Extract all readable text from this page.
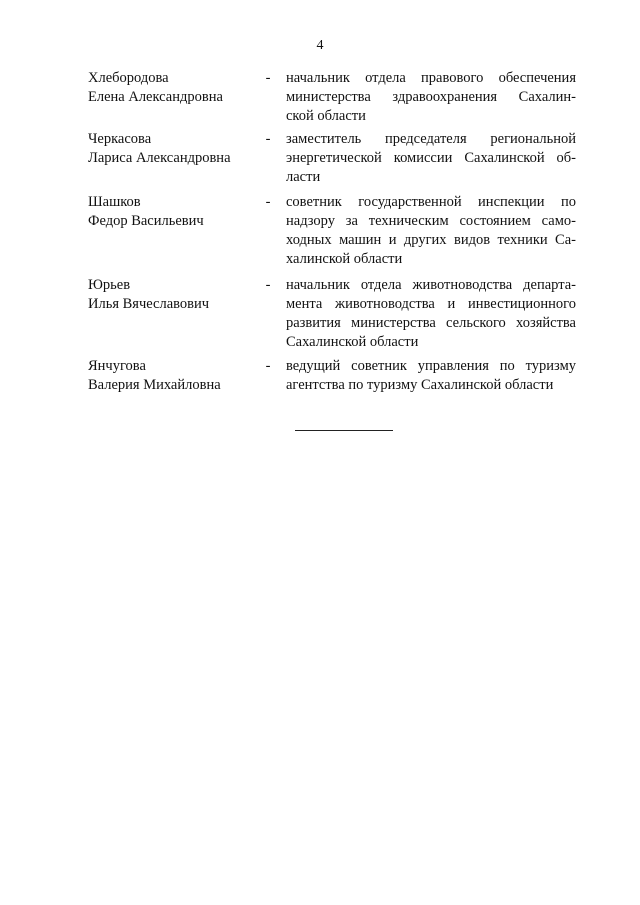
4
Хлебородова
Елена Александровна
- начальник отдела правового обеспечения
министерства здравоохранения Сахалин-
ской области
Черкасова
Лариса Александровна
- заместитель председателя региональной
энергетической комиссии Сахалинской об-
ласти
Шашков
Федор Васильевич
- советник государственной инспекции по
надзору за техническим состоянием само-
ходных машин и других видов техники Са-
халинской области
Юрьев
Илья Вячеславович
- начальник отдела животноводства департа-
мента животноводства и инвестиционного
развития министерства сельского хозяйства
Сахалинской области
Янчугова
Валерия Михайловна
- ведущий советник управления по туризму
агентства по туризму Сахалинской области
